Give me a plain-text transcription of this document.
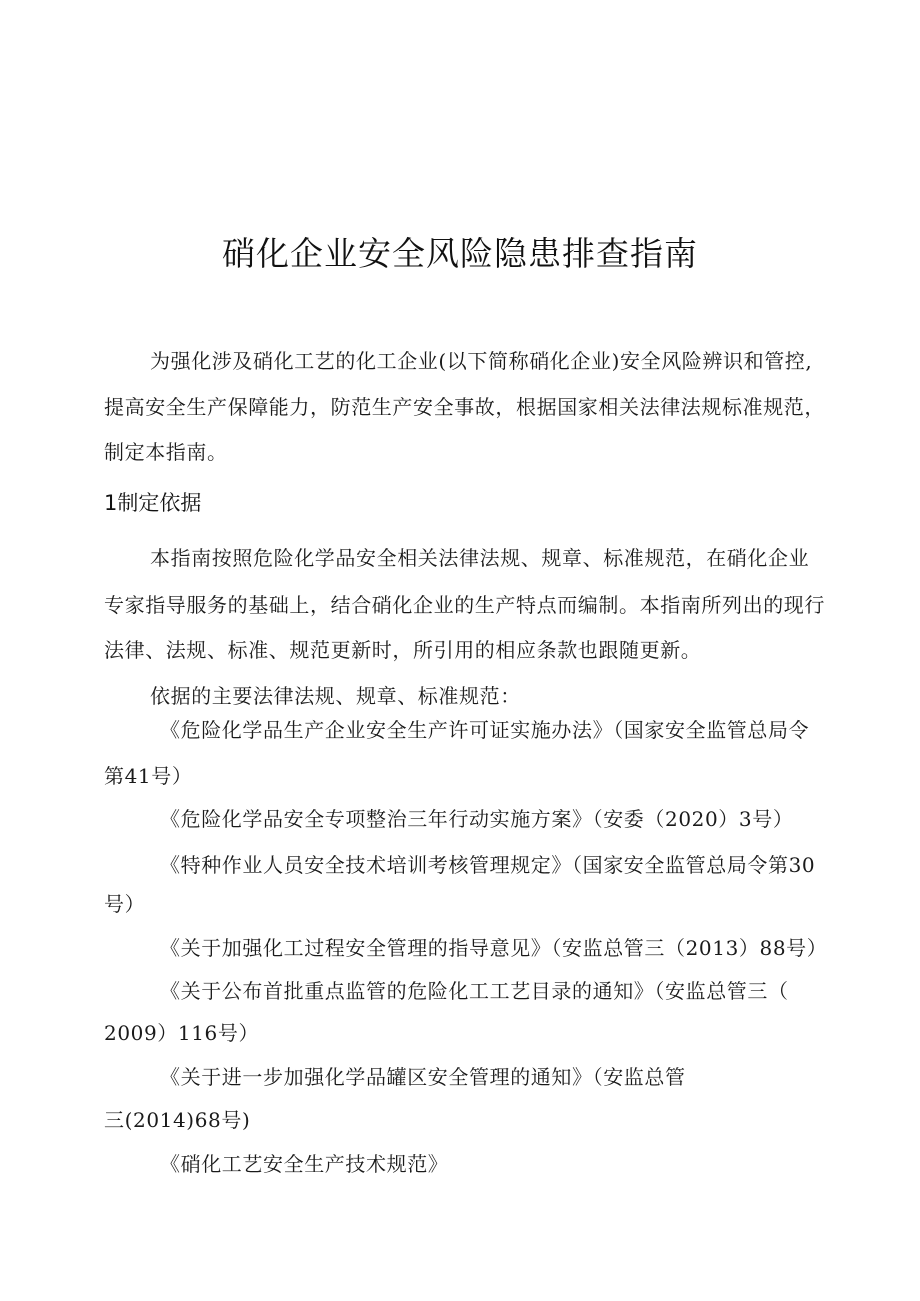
硝化企业安全风险隐患排查指南
为强化涉及硝化工艺的化工企业(以下简称硝化企业)安全风险辨识和管控,
提高安全生产保障能力，防范生产安全事故，根据国家相关法律法规标准规范，
制定本指南。
1制定依据
本指南按照危险化学品安全相关法律法规、规章、标准规范，在硝化企业
专家指导服务的基础上，结合硝化企业的生产特点而编制。本指南所列出的现行
法律、法规、标准、规范更新时，所引用的相应条款也跟随更新。
依据的主要法律法规、规章、标准规范：
《危险化学品生产企业安全生产许可证实施办法》（国家安全监管总局令
第41号）
《危险化学品安全专项整治三年行动实施方案》（安委（2020）3号）
《特种作业人员安全技术培训考核管理规定》（国家安全监管总局令第30
号）
《关于加强化工过程安全管理的指导意见》（安监总管三（2013）88号）
《关于公布首批重点监管的危险化工工艺目录的通知》（安监总管三（
2009）116号）
《关于进一步加强化学品罐区安全管理的通知》（安监总管
三(2014)68号)
《硝化工艺安全生产技术规范》
